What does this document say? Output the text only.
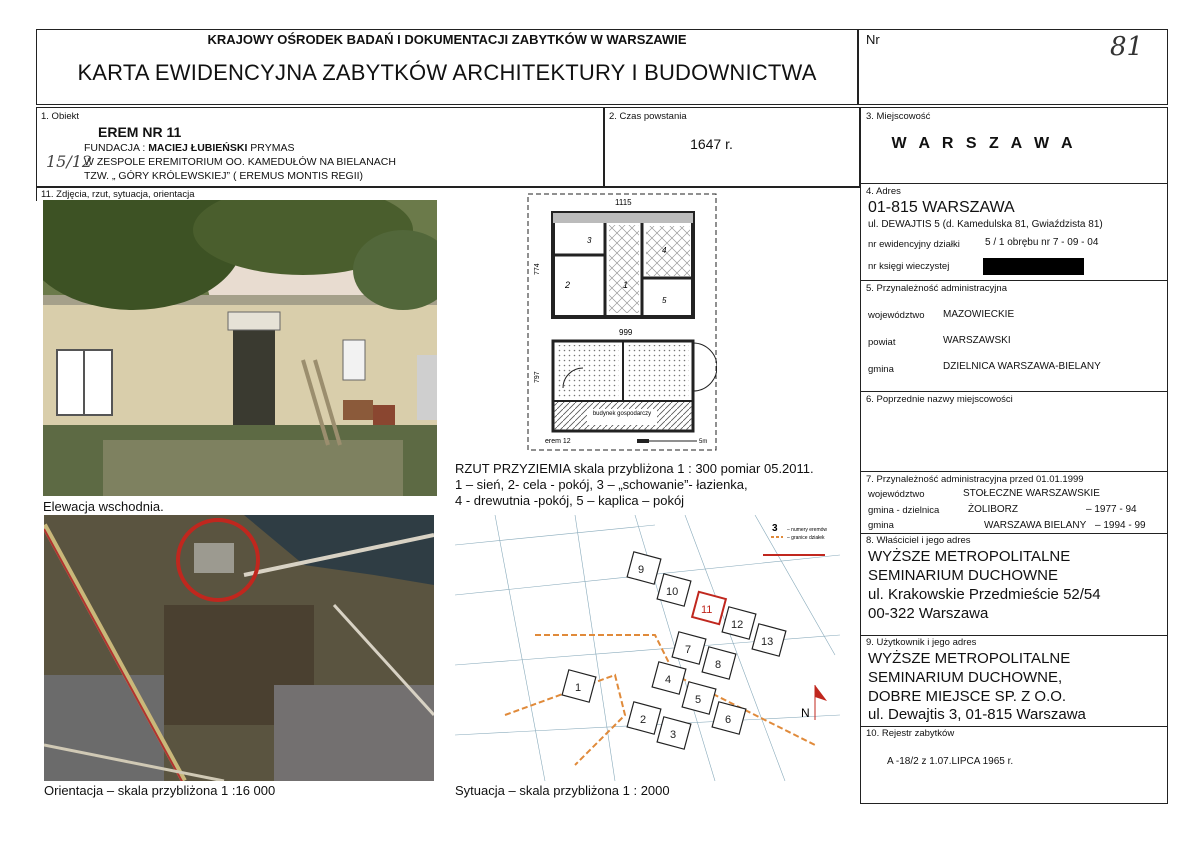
KRAJOWY OŚRODEK BADAŃ I DOKUMENTACJI ZABYTKÓW W WARSZAWIE
KARTA EWIDENCYJNA ZABYTKÓW ARCHITEKTURY I BUDOWNICTWA
Nr	81
1. Obiekt
EREM NR 11
FUNDACJA : MACIEJ ŁUBIEŃSKI PRYMAS
W ZESPOLE EREMITORIUM OO. KAMEDUŁÓW NA BIELANACH
TZW. „ GÓRY KRÓLEWSKIEJ” ( EREMUS MONTIS REGII)
15/12
2. Czas powstania
1647 r.
11. Zdjęcia, rzut, sytuacja, orientacja
Elewacja wschodnia.
Orientacja – skala przybliżona 1 :16 000
2	1
3
5
4
1115
774
999
797
budynek gospodarczy
erem 12	5m
RZUT PRZYZIEMIA skala przybliżona 1 : 300 pomiar 05.2011.
1 – sień, 2- cela - pokój, 3 – „schowanie”- łazienka,
4 - drewutnia -pokój, 5 – kaplica – pokój
9
10
11
12
13
7
8
4
5
1
2
3
6
3 – numery eremów
– granice działek
N
Sytuacja – skala przybliżona 1 : 2000
3. Miejscowość
W A R S Z A W A
4. Adres
01-815 WARSZAWA
ul. DEWAJTIS 5 (d. Kamedulska 81, Gwiaździsta 81)
nr ewidencyjny działki	5 / 1 obrębu nr 7 - 09 - 04
nr księgi wieczystej
5. Przynależność administracyjna
województwo MAZOWIECKIE
powiat	WARSZAWSKI
gmina	DZIELNICA WARSZAWA-BIELANY
6. Poprzednie nazwy miejscowości
7. Przynależność administracyjna przed 01.01.1999
województwo	STOŁECZNE WARSZAWSKIE
gmina - dzielnica	ŻOLIBORZ	– 1977 - 94
gmina	WARSZAWA BIELANY – 1994 - 99
8. Właściciel i jego adres
WYŻSZE METROPOLITALNE
SEMINARIUM DUCHOWNE
ul. Krakowskie Przedmieście 52/54
00-322 Warszawa
9. Użytkownik i jego adres
WYŻSZE METROPOLITALNE
SEMINARIUM DUCHOWNE,
DOBRE MIEJSCE SP. Z O.O.
ul. Dewajtis 3, 01-815 Warszawa
10. Rejestr zabytków
A -18/2 z 1.07.LIPCA 1965 r.
